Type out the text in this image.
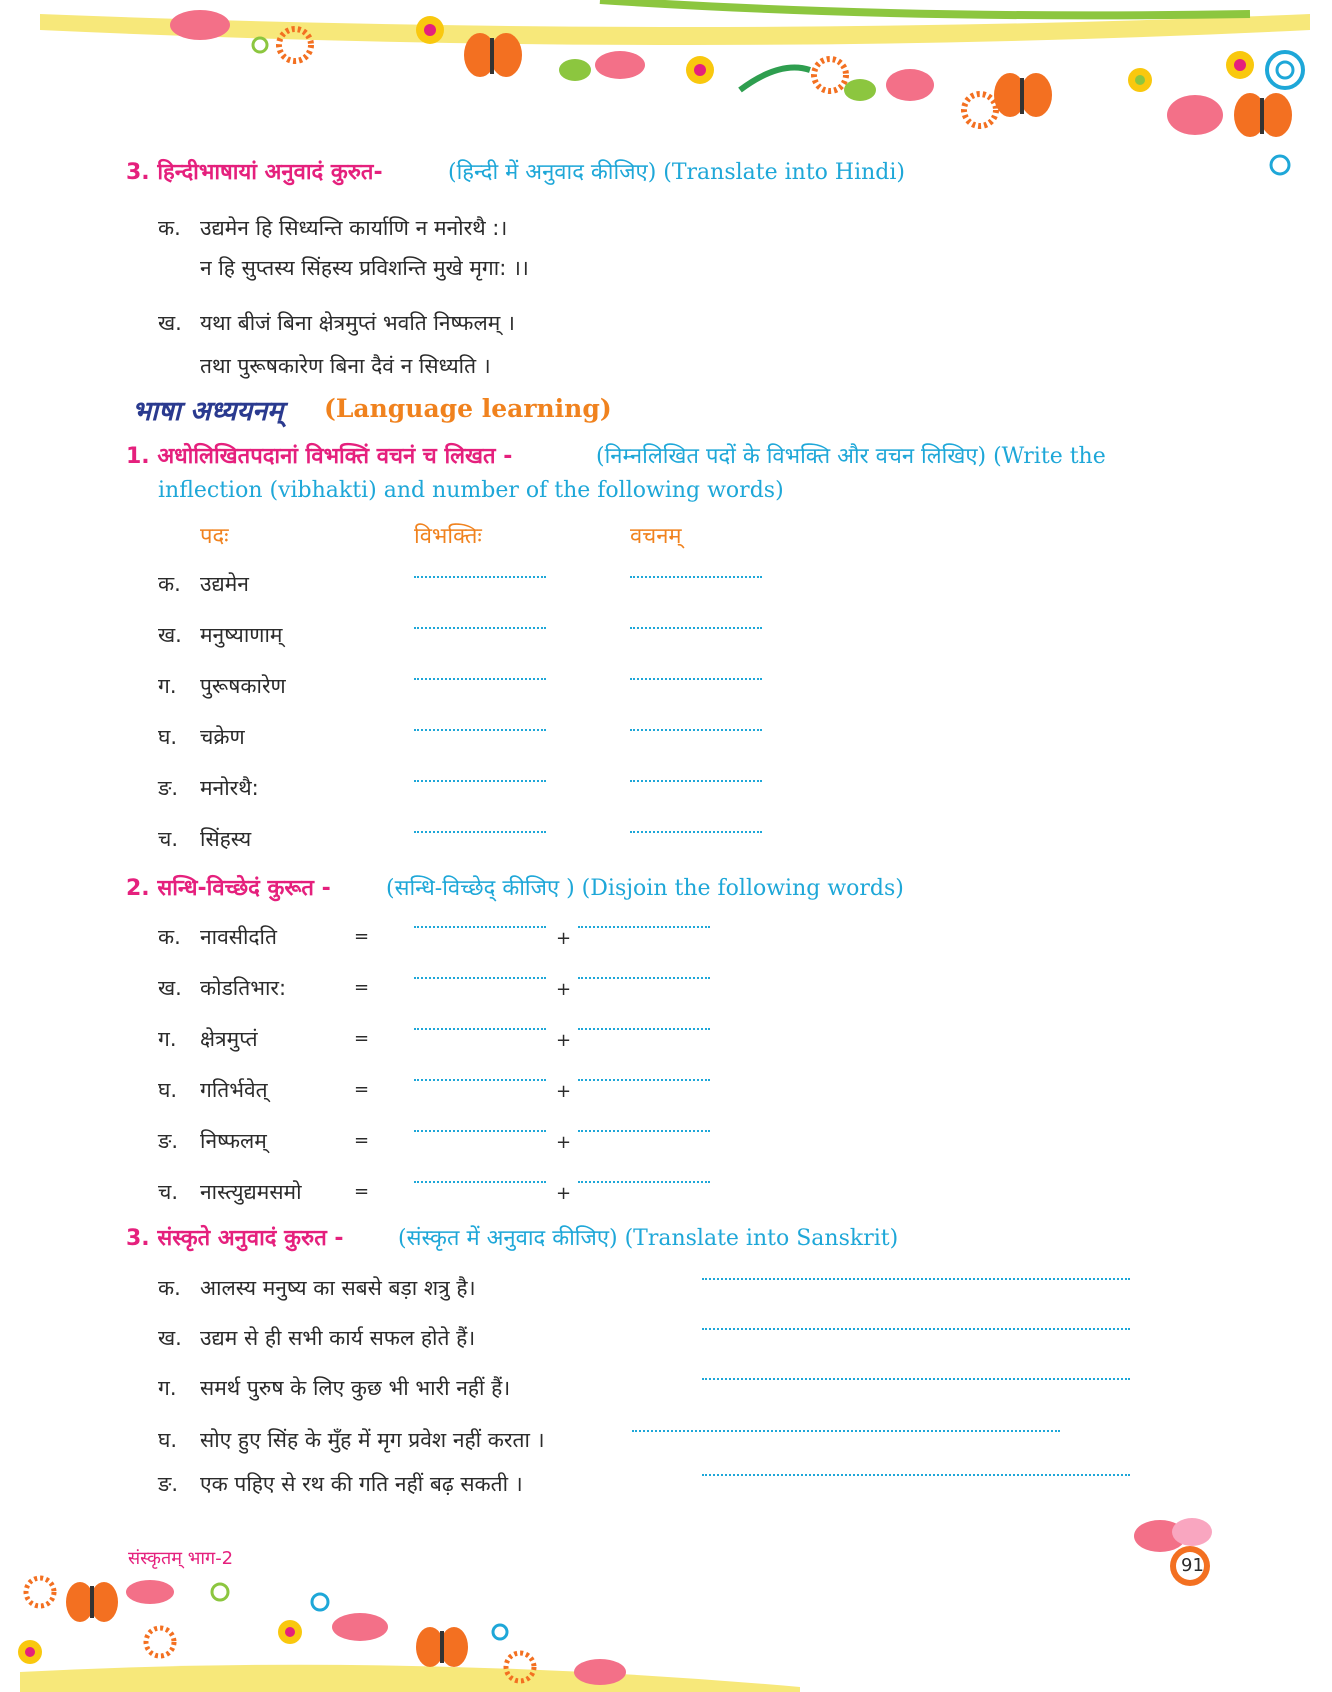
3. हिन्दीभाषायां अनुवादं कुरुत-	(हिन्दी में अनुवाद कीजिए) (Translate into Hindi)
क. उद्यमेन हि सिध्यन्ति कार्याणि न मनोरथै :।
न हि सुप्तस्य सिंहस्य प्रविशन्ति मुखे मृगा: ।।
ख. यथा बीजं बिना क्षेत्रमुप्तं भवति निष्फलम् ।
तथा पुरूषकारेण बिना दैवं न सिध्यति ।
भाषा अध्ययनम् (Language learning)
1. अधोलिखितपदानां विभक्तिं वचनं च लिखत -	(निम्नलिखित पदों के विभक्ति और वचन लिखिए) (Write the
inflection (vibhakti) and number of the following words)
पदः	विभक्तिः	वचनम्
क. उद्यमेन
ख. मनुष्याणाम्
ग. पुरूषकारेण
घ. चक्रेण
ङ. मनोरथै:
च. सिंहस्य
2. सन्धि-विच्छेदं कुरूत -	(सन्धि-विच्छेद् कीजिए ) (Disjoin the following words)
क. नावसीदति	=	+
ख. कोडतिभार:	=	+
ग. क्षेत्रमुप्तं	=	+
घ. गतिर्भवेत्	=	+
ङ. निष्फलम्	=	+
च. नास्त्युद्यमसमो	=	+
3. संस्कृते अनुवादं कुरुत - (संस्कृत में अनुवाद कीजिए) (Translate into Sanskrit)
क. आलस्य मनुष्य का सबसे बड़ा शत्रु है।
ख. उद्यम से ही सभी कार्य सफल होते हैं।
ग. समर्थ पुरुष के लिए कुछ भी भारी नहीं हैं।
घ. सोए हुए सिंह के मुँह में मृग प्रवेश नहीं करता ।
ङ. एक पहिए से रथ की गति नहीं बढ़ सकती ।
संस्कृतम् भाग-2	91
